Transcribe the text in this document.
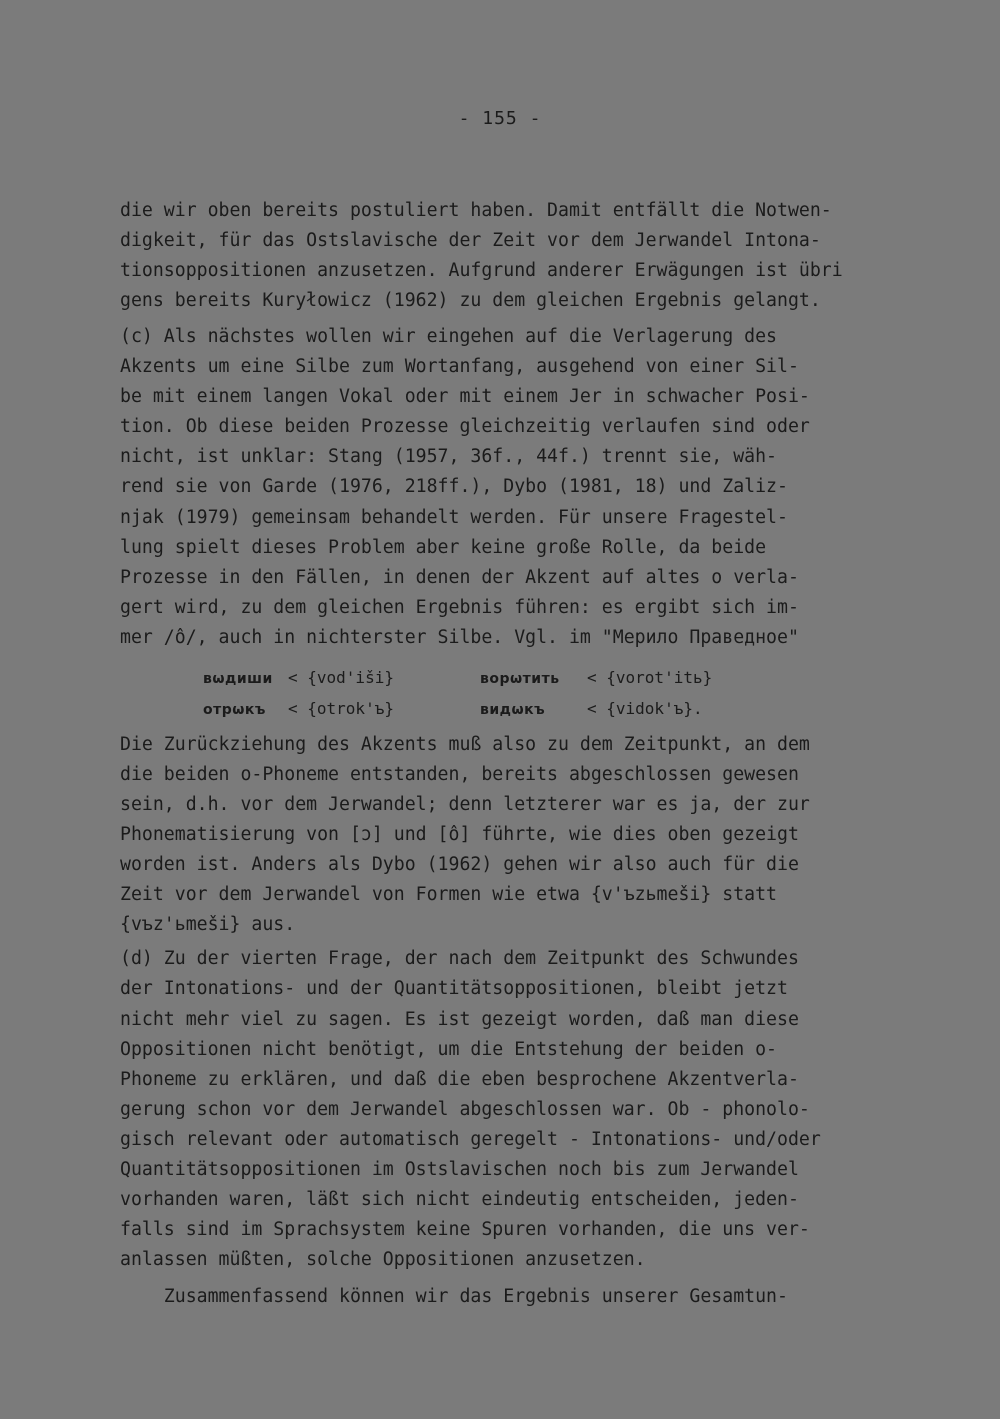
- 155 -
die wir oben bereits postuliert haben. Damit entfällt die Notwen-
digkeit, für das Ostslavische der Zeit vor dem Jerwandel Intona-
tionsoppositionen anzusetzen. Aufgrund anderer Erwägungen ist übri
gens bereits Kuryłowicz (1962) zu dem gleichen Ergebnis gelangt.
(c) Als nächstes wollen wir eingehen auf die Verlagerung des
Akzents um eine Silbe zum Wortanfang, ausgehend von einer Sil-
be mit einem langen Vokal oder mit einem Jer in schwacher Posi-
tion. Ob diese beiden Prozesse gleichzeitig verlaufen sind oder
nicht, ist unklar: Stang (1957, 36f., 44f.) trennt sie, wäh-
rend sie von Garde (1976, 218ff.), Dybo (1981, 18) und Zaliz-
njak (1979) gemeinsam behandelt werden. Für unsere Fragestel-
lung spielt dieses Problem aber keine große Rolle, da beide
Prozesse in den Fällen, in denen der Akzent auf altes o verla-
gert wird, zu dem gleichen Ergebnis führen: es ergibt sich im-
mer /ô/, auch in nichterster Silbe. Vgl. im "Мерило Праведное"
вωдиши < {vod'iši}	ворωтить < {vorot'itь}
отрωкъ < {otrok'ъ}	видωкъ	< {vidok'ъ}.
Die Zurückziehung des Akzents muß also zu dem Zeitpunkt, an dem
die beiden o-Phoneme entstanden, bereits abgeschlossen gewesen
sein, d.h. vor dem Jerwandel; denn letzterer war es ja, der zur
Phonematisierung von [ɔ] und [ô] führte, wie dies oben gezeigt
worden ist. Anders als Dybo (1962) gehen wir also auch für die
Zeit vor dem Jerwandel von Formen wie etwa {v'ъzьmeši} statt
{vъz'ьmeši} aus.
(d) Zu der vierten Frage, der nach dem Zeitpunkt des Schwundes
der Intonations- und der Quantitätsoppositionen, bleibt jetzt
nicht mehr viel zu sagen. Es ist gezeigt worden, daß man diese
Oppositionen nicht benötigt, um die Entstehung der beiden o-
Phoneme zu erklären, und daß die eben besprochene Akzentverla-
gerung schon vor dem Jerwandel abgeschlossen war. Ob - phonolo-
gisch relevant oder automatisch geregelt - Intonations- und/oder
Quantitätsoppositionen im Ostslavischen noch bis zum Jerwandel
vorhanden waren, läßt sich nicht eindeutig entscheiden, jeden-
falls sind im Sprachsystem keine Spuren vorhanden, die uns ver-
anlassen müßten, solche Oppositionen anzusetzen.
Zusammenfassend können wir das Ergebnis unserer Gesamtun-
